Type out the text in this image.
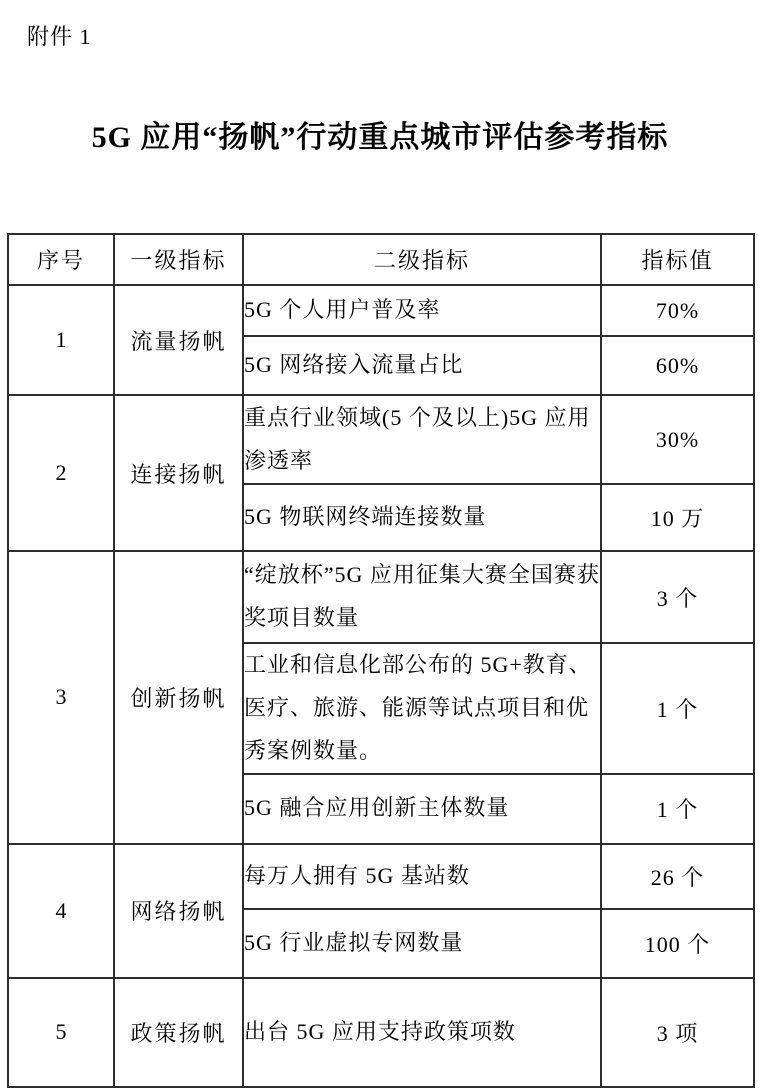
附件 1
5G 应用“扬帆”行动重点城市评估参考指标
序号	一级指标	二级指标	指标值
1	流量扬帆	5G 个人用户普及率	70%
		5G 网络接入流量占比	60%
2	连接扬帆	重点行业领域(5 个及以上)5G 应用渗透率	30%
		5G 物联网终端连接数量	10 万
3	创新扬帆	“绽放杯”5G 应用征集大赛全国赛获奖项目数量	3 个
		工业和信息化部公布的 5G+教育、医疗、旅游、能源等试点项目和优秀案例数量。	1 个
		5G 融合应用创新主体数量	1 个
4	网络扬帆	每万人拥有 5G 基站数	26 个
		5G 行业虚拟专网数量	100 个
5	政策扬帆	出台 5G 应用支持政策项数	3 项
